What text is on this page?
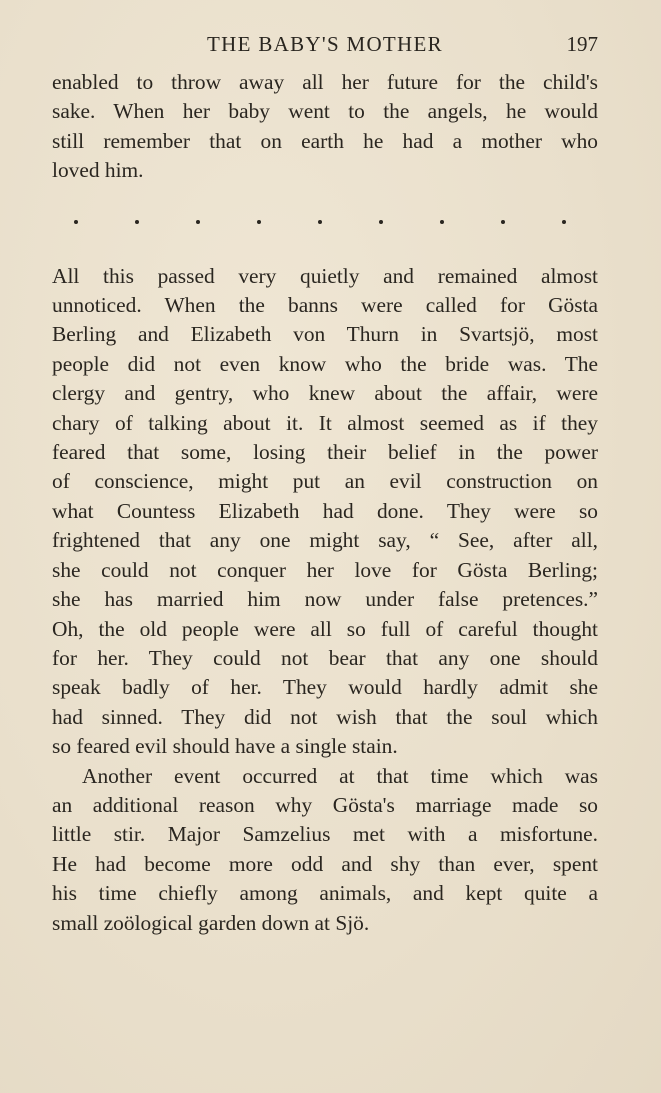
THE BABY'S MOTHER	197

enabled to throw away all her future for the child's
sake. When her baby went to the angels, he would
still remember that on earth he had a mother who
loved him.

All this passed very quietly and remained almost
unnoticed. When the banns were called for Gösta
Berling and Elizabeth von Thurn in Svartsjö, most
people did not even know who the bride was. The
clergy and gentry, who knew about the affair, were
chary of talking about it. It almost seemed as if they
feared that some, losing their belief in the power
of conscience, might put an evil construction on
what Countess Elizabeth had done. They were so
frightened that any one might say, “ See, after all,
she could not conquer her love for Gösta Berling;
she has married him now under false pretences.”
Oh, the old people were all so full of careful thought
for her. They could not bear that any one should
speak badly of her. They would hardly admit she
had sinned. They did not wish that the soul which
so feared evil should have a single stain.

Another event occurred at that time which was
an additional reason why Gösta's marriage made so
little stir. Major Samzelius met with a misfortune.
He had become more odd and shy than ever, spent
his time chiefly among animals, and kept quite a
small zoölogical garden down at Sjö.
